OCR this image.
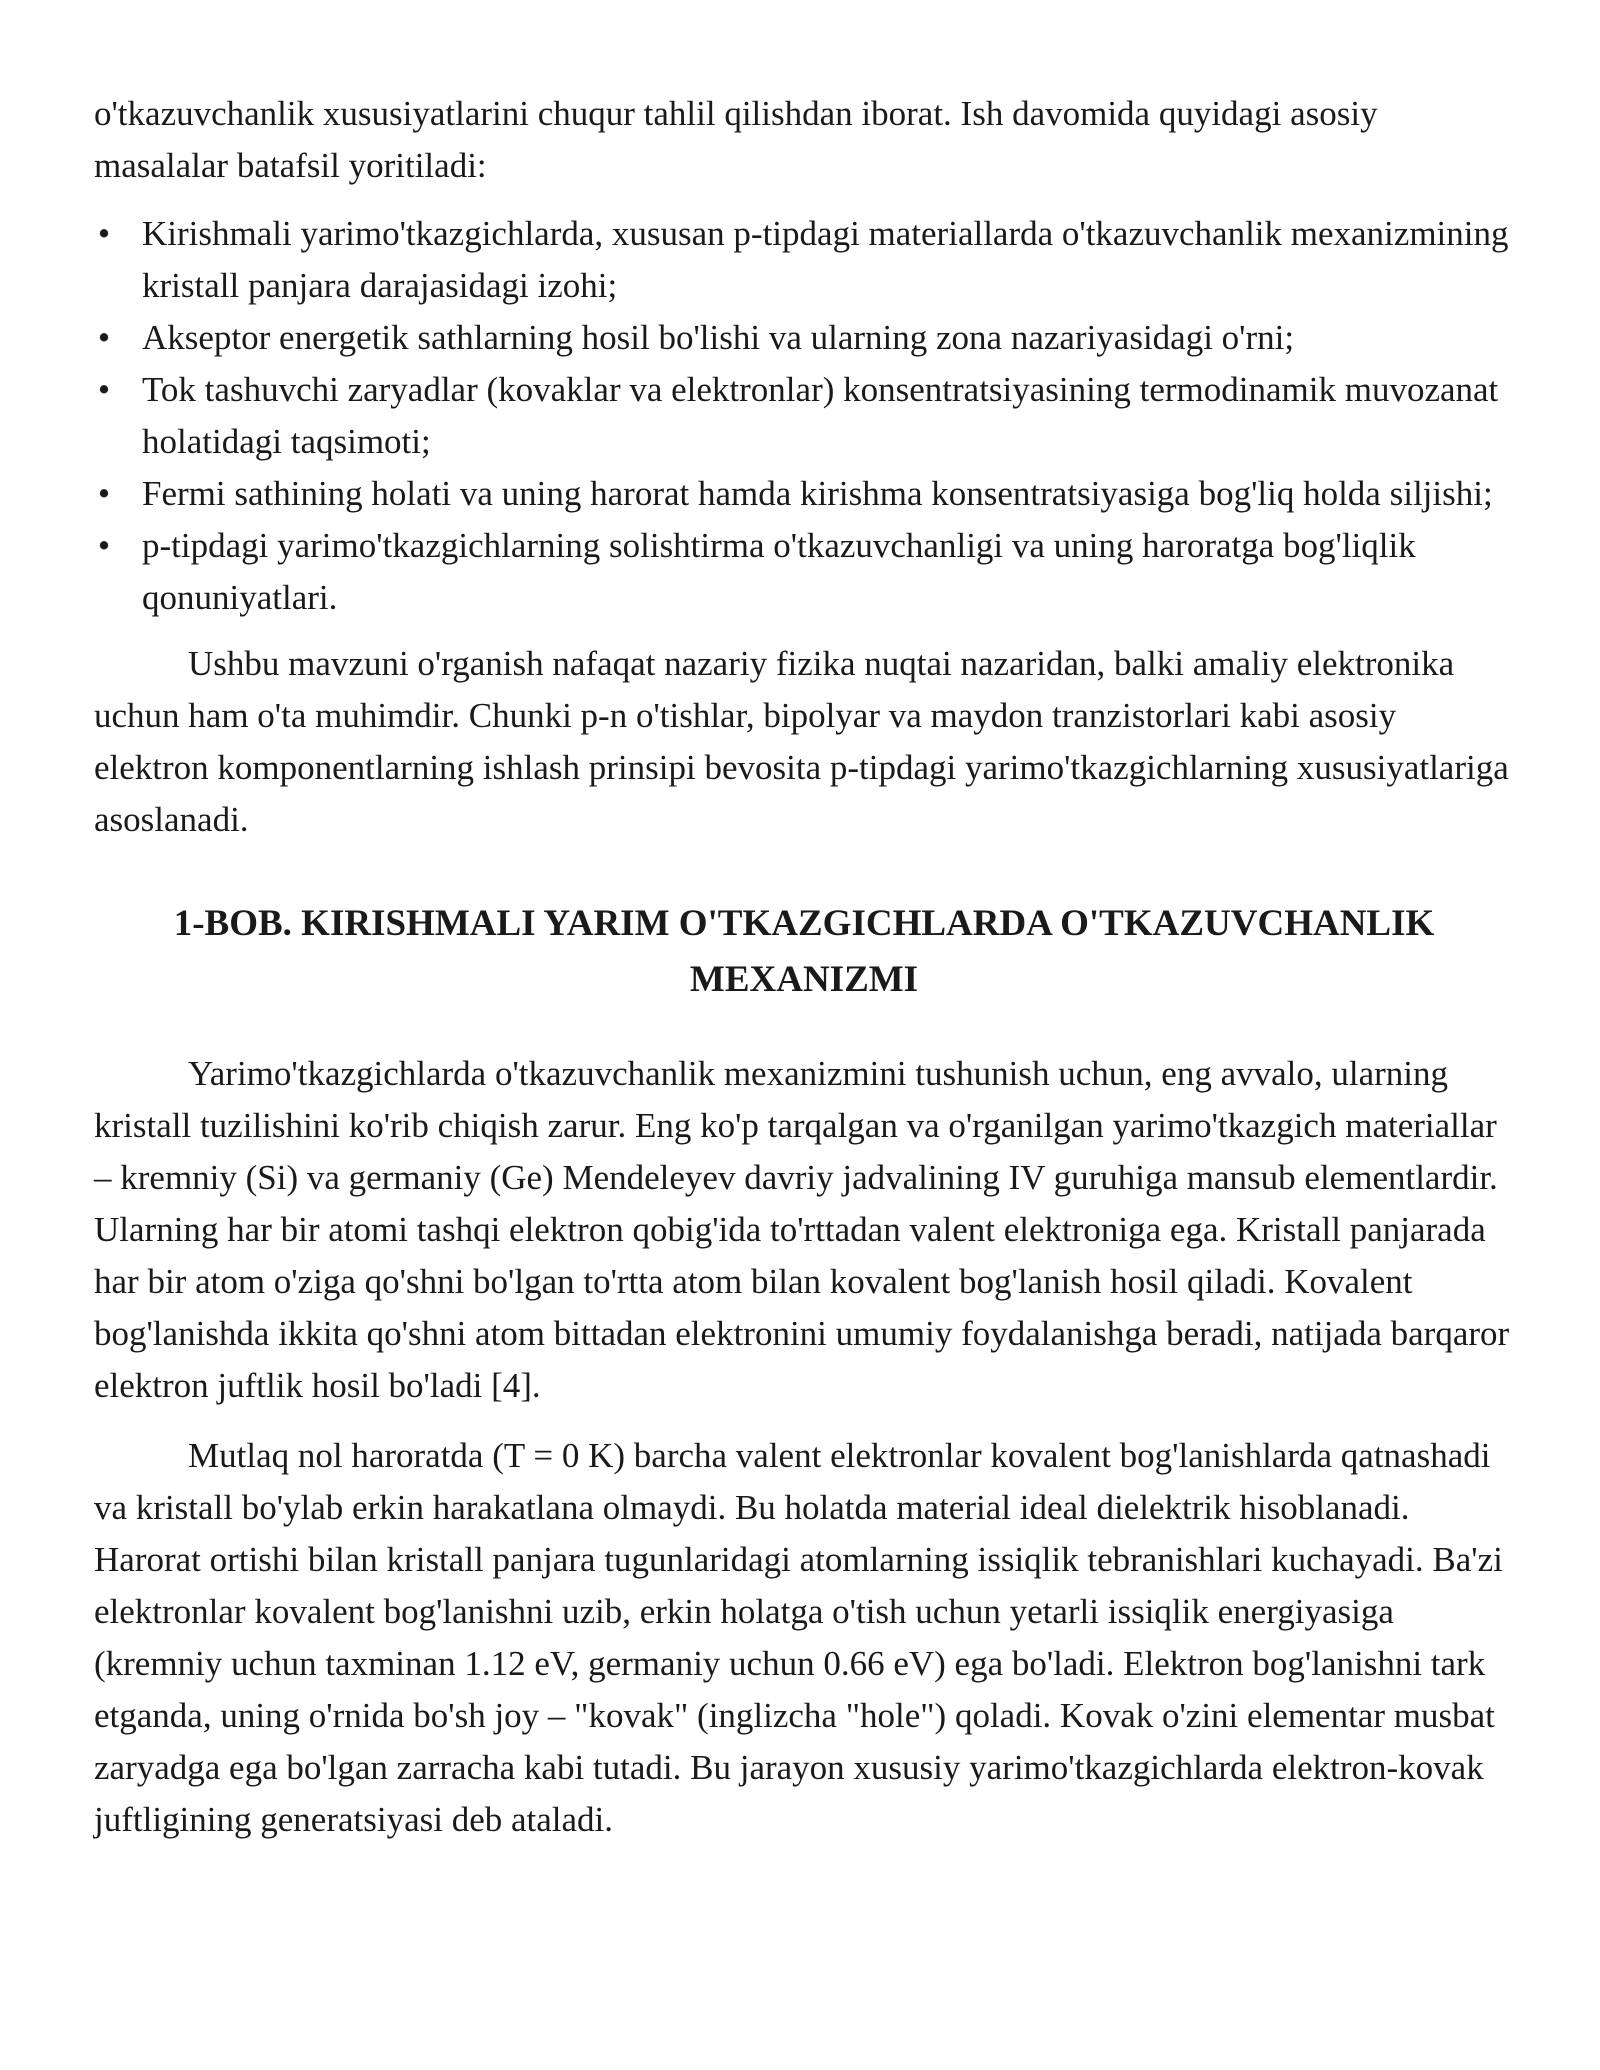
o'tkazuvchanlik xususiyatlarini chuqur tahlil qilishdan iborat. Ish davomida quyidagi asosiy masalalar batafsil yoritiladi:

• Kirishmali yarimo'tkazgichlarda, xususan p-tipdagi materiallarda o'tkazuvchanlik mexanizmining kristall panjara darajasidagi izohi;
• Akseptor energetik sathlarning hosil bo'lishi va ularning zona nazariyasidagi o'rni;
• Tok tashuvchi zaryadlar (kovaklar va elektronlar) konsentratsiyasining termodinamik muvozanat holatidagi taqsimoti;
• Fermi sathining holati va uning harorat hamda kirishma konsentratsiyasiga bog'liq holda siljishi;
• p-tipdagi yarimo'tkazgichlarning solishtirma o'tkazuvchanligi va uning haroratga bog'liqlik qonuniyatlari.

Ushbu mavzuni o'rganish nafaqat nazariy fizika nuqtai nazaridan, balki amaliy elektronika uchun ham o'ta muhimdir. Chunki p-n o'tishlar, bipolyar va maydon tranzistorlari kabi asosiy elektron komponentlarning ishlash prinsipi bevosita p-tipdagi yarimo'tkazgichlarning xususiyatlariga asoslanadi.

1-BOB. KIRISHMALI YARIM O'TKAZGICHLARDA O'TKAZUVCHANLIK MEXANIZMI

Yarimo'tkazgichlarda o'tkazuvchanlik mexanizmini tushunish uchun, eng avvalo, ularning kristall tuzilishini ko'rib chiqish zarur. Eng ko'p tarqalgan va o'rganilgan yarimo'tkazgich materiallar – kremniy (Si) va germaniy (Ge) Mendeleyev davriy jadvalining IV guruhiga mansub elementlardir. Ularning har bir atomi tashqi elektron qobig'ida to'rttadan valent elektroniga ega. Kristall panjarada har bir atom o'ziga qo'shni bo'lgan to'rtta atom bilan kovalent bog'lanish hosil qiladi. Kovalent bog'lanishda ikkita qo'shni atom bittadan elektronini umumiy foydalanishga beradi, natijada barqaror elektron juftlik hosil bo'ladi [4].

Mutlaq nol haroratda (T = 0 K) barcha valent elektronlar kovalent bog'lanishlarda qatnashadi va kristall bo'ylab erkin harakatlana olmaydi. Bu holatda material ideal dielektrik hisoblanadi. Harorat ortishi bilan kristall panjara tugunlaridagi atomlarning issiqlik tebranishlari kuchayadi. Ba'zi elektronlar kovalent bog'lanishni uzib, erkin holatga o'tish uchun yetarli issiqlik energiyasiga (kremniy uchun taxminan 1.12 eV, germaniy uchun 0.66 eV) ega bo'ladi. Elektron bog'lanishni tark etganda, uning o'rnida bo'sh joy – "kovak" (inglizcha "hole") qoladi. Kovak o'zini elementar musbat zaryadga ega bo'lgan zarracha kabi tutadi. Bu jarayon xususiy yarimo'tkazgichlarda elektron-kovak juftligining generatsiyasi deb ataladi.
